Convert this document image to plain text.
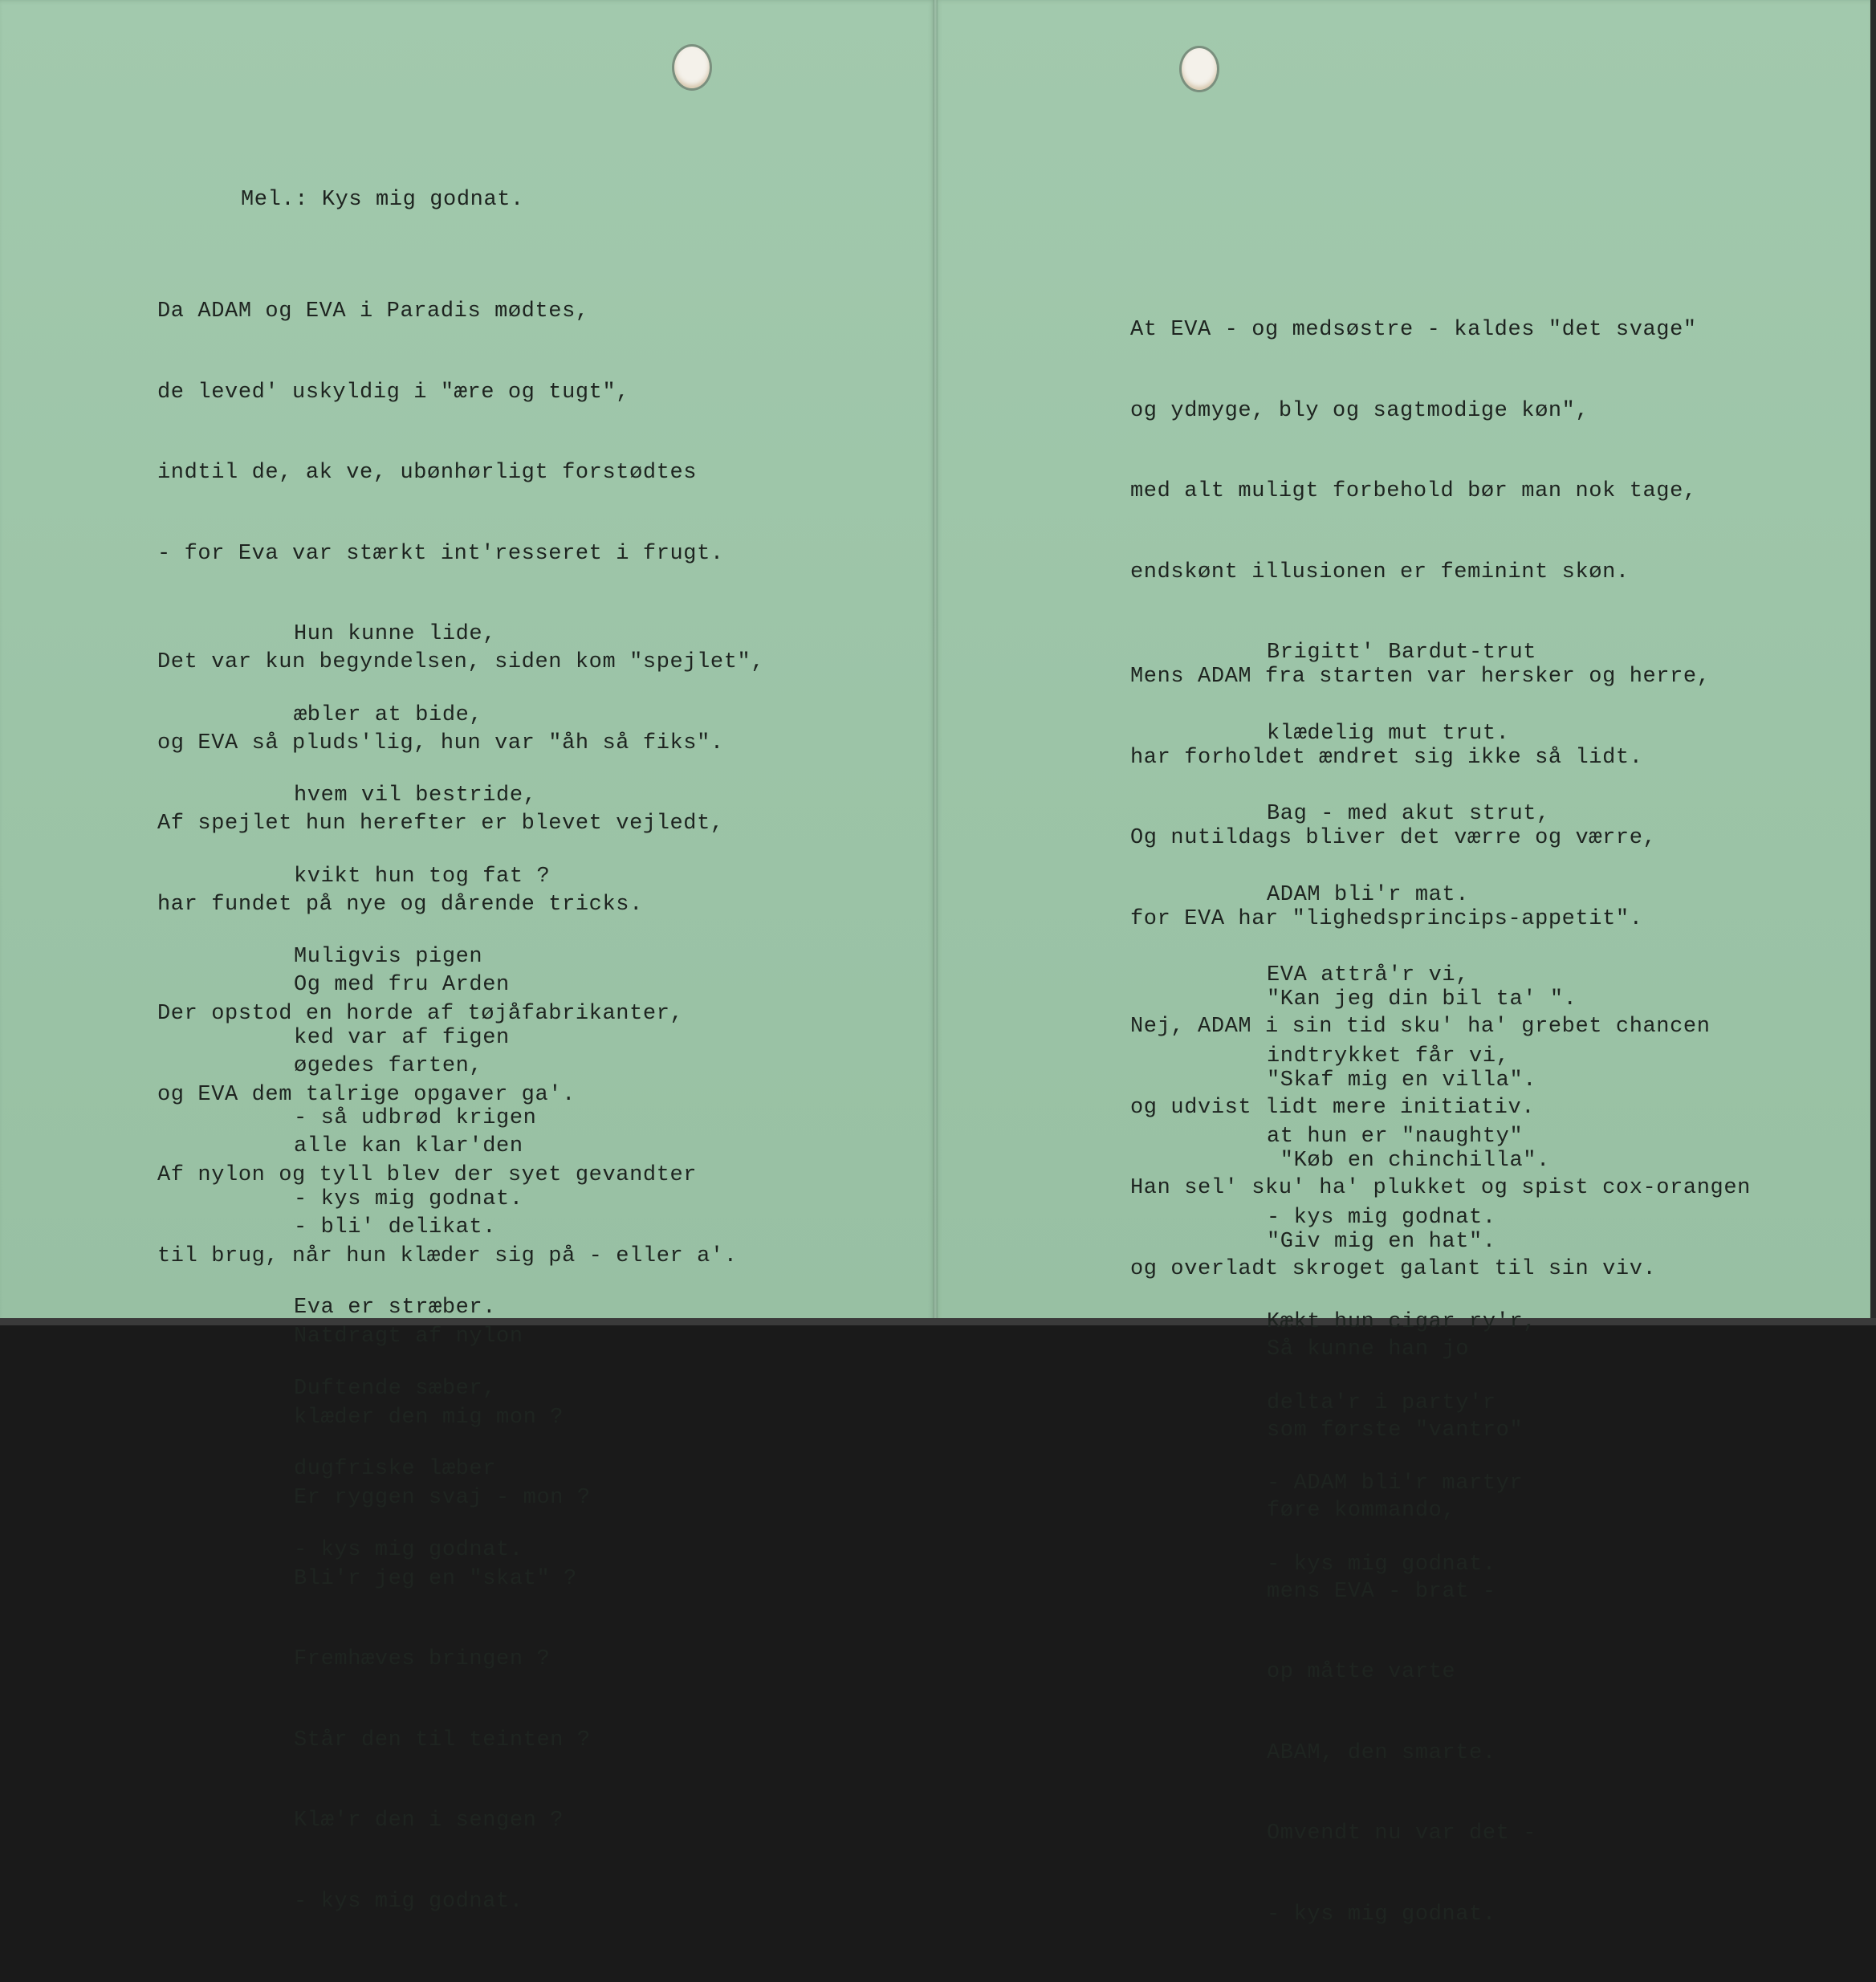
Mel.: Kys mig godnat.

Da ADAM og EVA i Paradis mødtes,

de leved' uskyldig i "ære og tugt",

indtil de, ak ve, ubønhørligt forstødtes

- for Eva var stærkt int'resseret i frugt.

Hun kunne lide,

æbler at bide,

hvem vil bestride,

kvikt hun tog fat ?

Muligvis pigen

ked var af figen

- så udbrød krigen

- kys mig godnat.

Det var kun begyndelsen, siden kom "spejlet",

og EVA så pluds'lig, hun var "åh så fiks".

Af spejlet hun herefter er blevet vejledt,

har fundet på nye og dårende tricks.

Og med fru Arden

øgedes farten,

alle kan klar'den

- bli' delikat.

Eva er stræber.

Duftende sæber,

dugfriske læber

- kys mig godnat.

Der opstod en horde af tøjåfabrikanter,

og EVA dem talrige opgaver ga'.

Af nylon og tyll blev der syet gevandter

til brug, når hun klæder sig på - eller a'.

Natdragt af nylon

klæder den mig mon ?

Er ryggen svaj - mon ?

Bli'r jeg en "skat" ?

Fremhæves bringen ?

Står den til teinten ?

Klæ'r den i sengen ?

- kys mig godnat.

At EVA - og medsøstre - kaldes "det svage"

og ydmyge, bly og sagtmodige køn",

med alt muligt forbehold bør man nok tage,

endskønt illusionen er feminint skøn.

Brigitt' Bardut-trut

klædelig mut trut.

Bag - med akut strut,

ADAM bli'r mat.

EVA attrå'r vi,

indtrykket får vi,

at hun er "naughty"

- kys mig godnat.

Mens ADAM fra starten var hersker og herre,

har forholdet ændret sig ikke så lidt.

Og nutildags bliver det værre og værre,

for EVA har "lighedsprincips-appetit".

"Kan jeg din bil ta' ".

"Skaf mig en villa".

"Køb en chinchilla".

"Giv mig en hat".

Kækt hun cigar ry'r,

delta'r i party'r

- ADAM bli'r martyr

- kys mig godnat.

Nej, ADAM i sin tid sku' ha' grebet chancen

og udvist lidt mere initiativ.

Han sel' sku' ha' plukket og spist cox-orangen

og overladt skroget galant til sin viv.

Så kunne han jo

som første "vantro"

føre kommando,

mens EVA - brat -

op måtte varte

ABAM, den smarte.

Omvendt nu var det -

- kys mig godnat.
